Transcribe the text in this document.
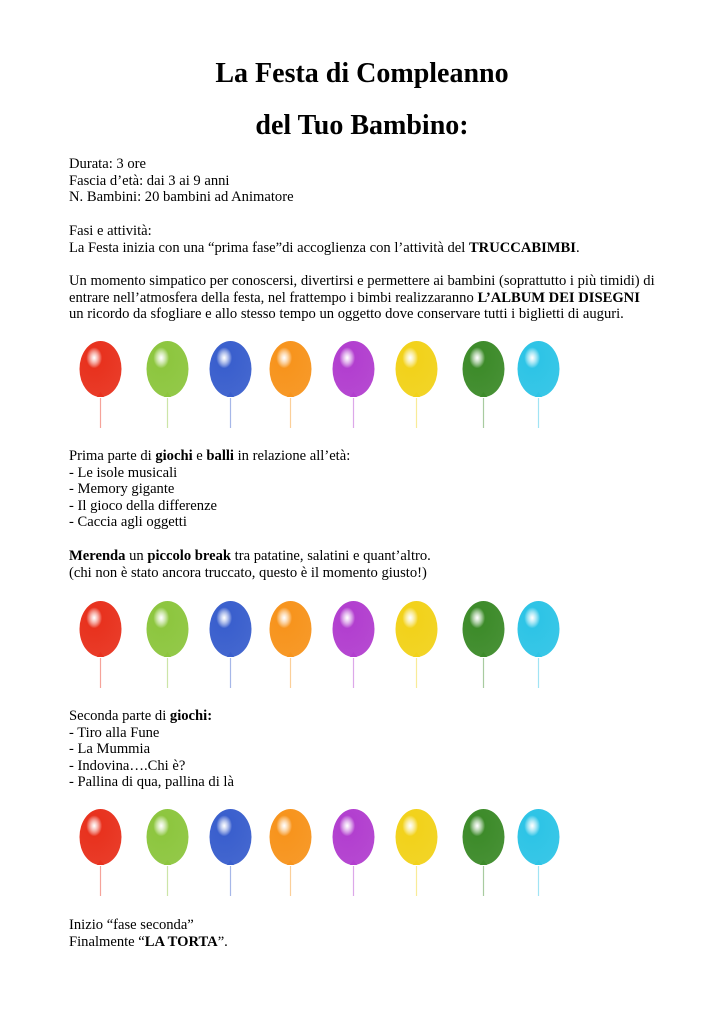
La Festa di Compleanno
del Tuo Bambino:

Durata: 3 ore

Fascia d’età: dai 3 ai 9 anni

N. Bambini: 20 bambini ad Animatore

Fasi e attività:

La Festa inizia con una “prima fase”di accoglienza con l’attività del TRUCCABIMBI.

Un momento simpatico per conoscersi, divertirsi e permettere ai bambini (soprattutto i più timidi) di

entrare nell’atmosfera della festa, nel frattempo i bimbi realizzaranno L’ALBUM DEI DISEGNI

un ricordo da sfogliare e allo stesso tempo un oggetto dove conservare tutti i biglietti di auguri.

Prima parte di giochi e balli in relazione all’età:

- Le isole musicali

- Memory gigante

- Il gioco della differenze

- Caccia agli oggetti

Merenda un piccolo break tra patatine, salatini e quant’altro.

(chi non è stato ancora truccato, questo è il momento giusto!)

Seconda parte di giochi:

- Tiro alla Fune

- La Mummia

- Indovina….Chi è?

- Pallina di qua, pallina di là

Inizio “fase seconda”

Finalmente “LA TORTA”.
